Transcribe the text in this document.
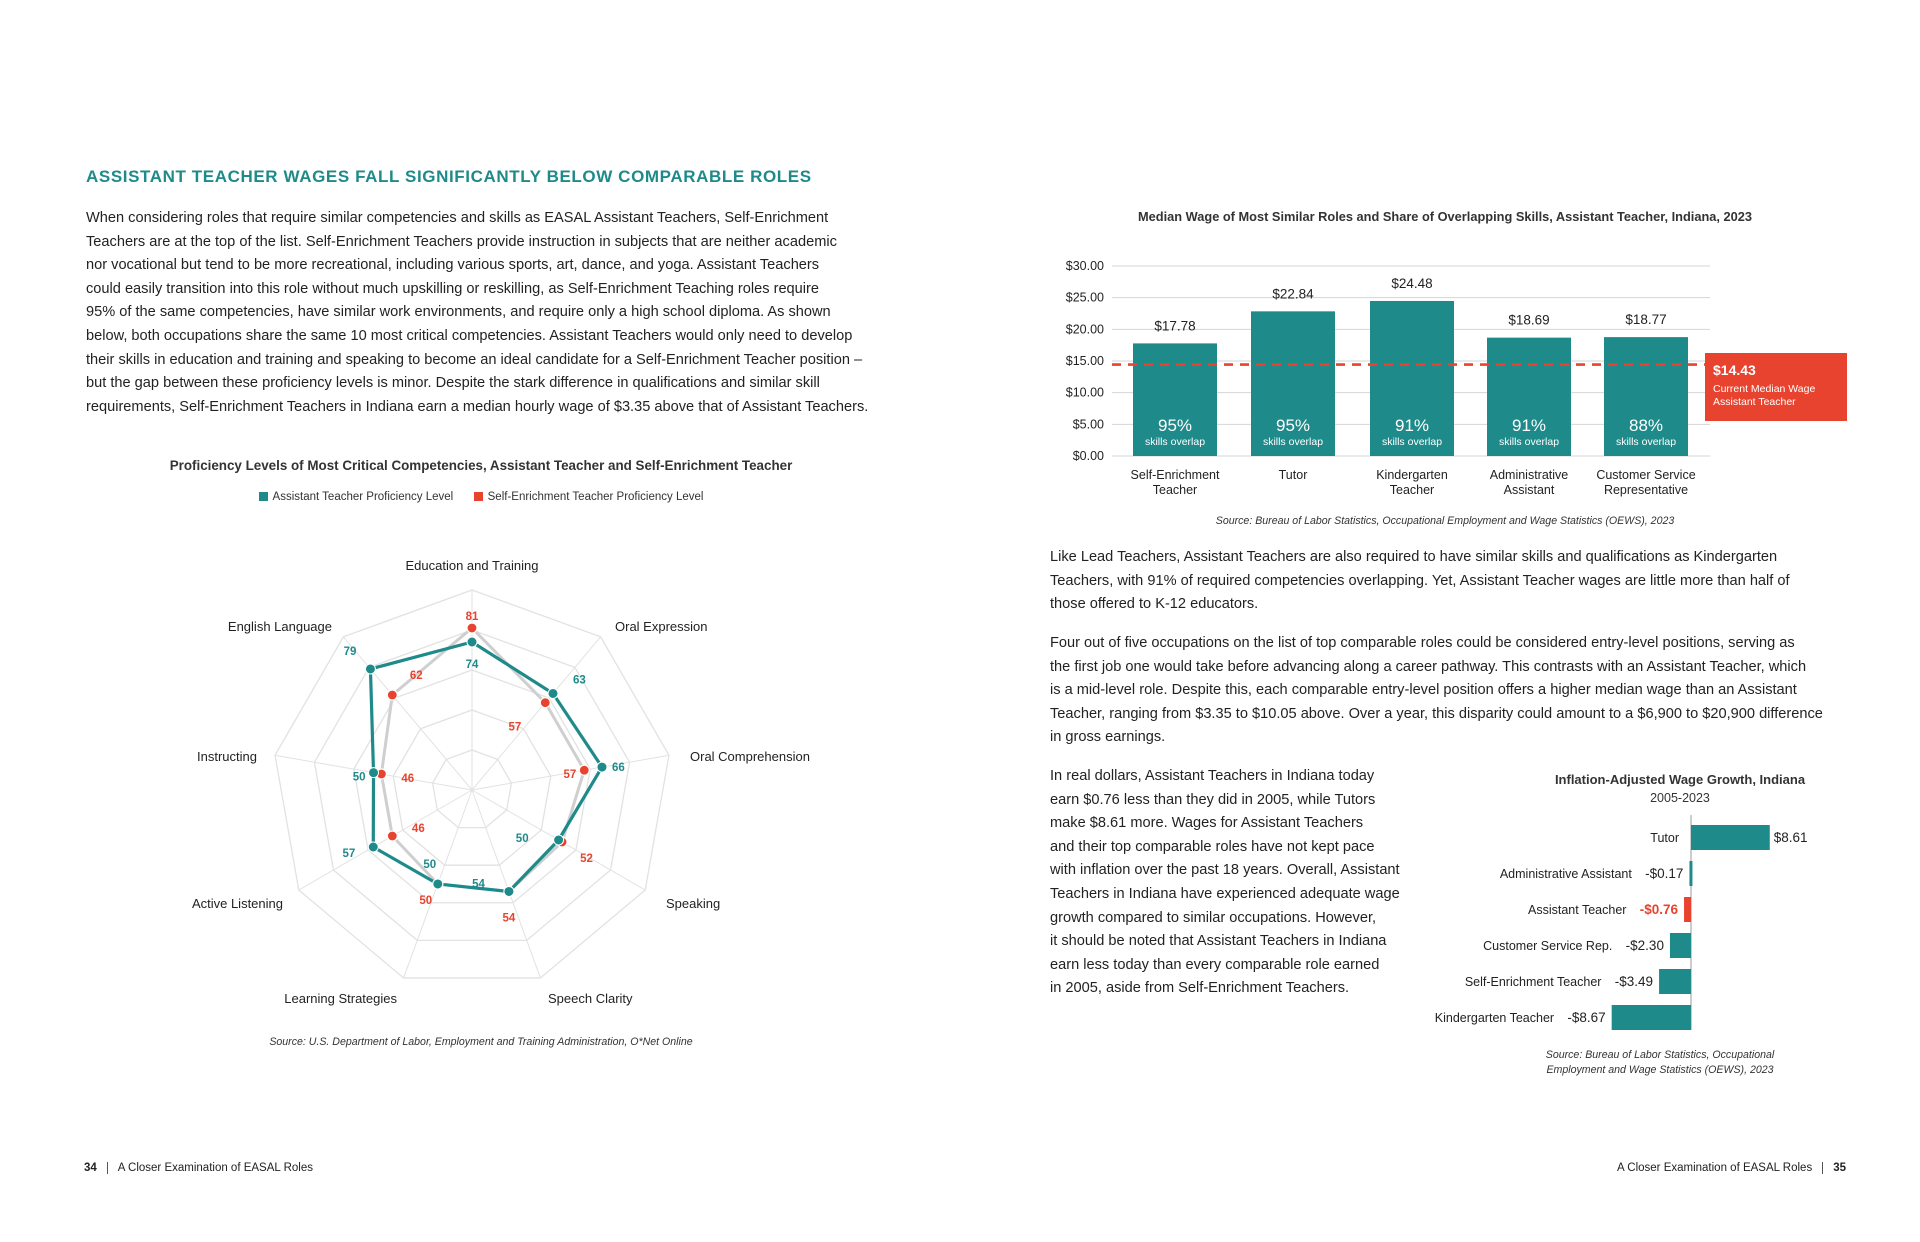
ASSISTANT TEACHER WAGES FALL SIGNIFICANTLY BELOW COMPARABLE ROLES
When considering roles that require similar competencies and skills as EASAL Assistant Teachers, Self-Enrichment
Teachers are at the top of the list. Self-Enrichment Teachers provide instruction in subjects that are neither academic
nor vocational but tend to be more recreational, including various sports, art, dance, and yoga. Assistant Teachers
could easily transition into this role without much upskilling or reskilling, as Self-Enrichment Teaching roles require
95% of the same competencies, have similar work environments, and require only a high school diploma. As shown
below, both occupations share the same 10 most critical competencies. Assistant Teachers would only need to develop
their skills in education and training and speaking to become an ideal candidate for a Self-Enrichment Teacher position –
but the gap between these proficiency levels is minor. Despite the stark difference in qualifications and similar skill
requirements, Self-Enrichment Teachers in Indiana earn a median hourly wage of $3.35 above that of Assistant Teachers.
Proficiency Levels of Most Critical Competencies, Assistant Teacher and Self-Enrichment Teacher
Assistant Teacher Proficiency Level	Self-Enrichment Teacher Proficiency Level
74
81
63
57
66
57
50
52
54
54
50
50
57
46
50	46
79
62
Education and Training
Oral Expression
Oral Comprehension
Speaking
Speech Clarity
Learning Strategies
Active Listening
Instructing
English Language
Source: U.S. Department of Labor, Employment and Training Administration, O*Net Online
34 A Closer Examination of EASAL Roles
Median Wage of Most Similar Roles and Share of Overlapping Skills, Assistant Teacher, Indiana, 2023
$30.00
$25.00
$20.00
$15.00
$10.00
$5.00
$0.00
$17.78
95%
skills overlap
Self-Enrichment
Teacher
$22.84
95%
skills overlap
Tutor
$24.48
91%
skills overlap
Kindergarten
Teacher
$18.69
91%
skills overlap
Administrative
Assistant
$18.77
88%
skills overlap
Customer Service
Representative
$14.43
Current Median Wage
Assistant Teacher
Source: Bureau of Labor Statistics, Occupational Employment and Wage Statistics (OEWS), 2023
Like Lead Teachers, Assistant Teachers are also required to have similar skills and qualifications as Kindergarten
Teachers, with 91% of required competencies overlapping. Yet, Assistant Teacher wages are little more than half of
those offered to K-12 educators.
Four out of five occupations on the list of top comparable roles could be considered entry-level positions, serving as
the first job one would take before advancing along a career pathway. This contrasts with an Assistant Teacher, which
is a mid-level role. Despite this, each comparable entry-level position offers a higher median wage than an Assistant
Teacher, ranging from $3.35 to $10.05 above. Over a year, this disparity could amount to a $6,900 to $20,900 difference
in gross earnings.
In real dollars, Assistant Teachers in Indiana today
earn $0.76 less than they did in 2005, while Tutors
make $8.61 more. Wages for Assistant Teachers
and their top comparable roles have not kept pace
with inflation over the past 18 years. Overall, Assistant
Teachers in Indiana have experienced adequate wage
growth compared to similar occupations. However,
it should be noted that Assistant Teachers in Indiana
earn less today than every comparable role earned
in 2005, aside from Self-Enrichment Teachers.
Inflation-Adjusted Wage Growth, Indiana
2005-2023
Tutor	$8.61
-$0.17
Administrative Assistant
-$0.76
Assistant Teacher
-$2.30
Customer Service Rep.
-$3.49
Self-Enrichment Teacher
-$8.67
Kindergarten Teacher
Source: Bureau of Labor Statistics, Occupational
Employment and Wage Statistics (OEWS), 2023
A Closer Examination of EASAL Roles 35
